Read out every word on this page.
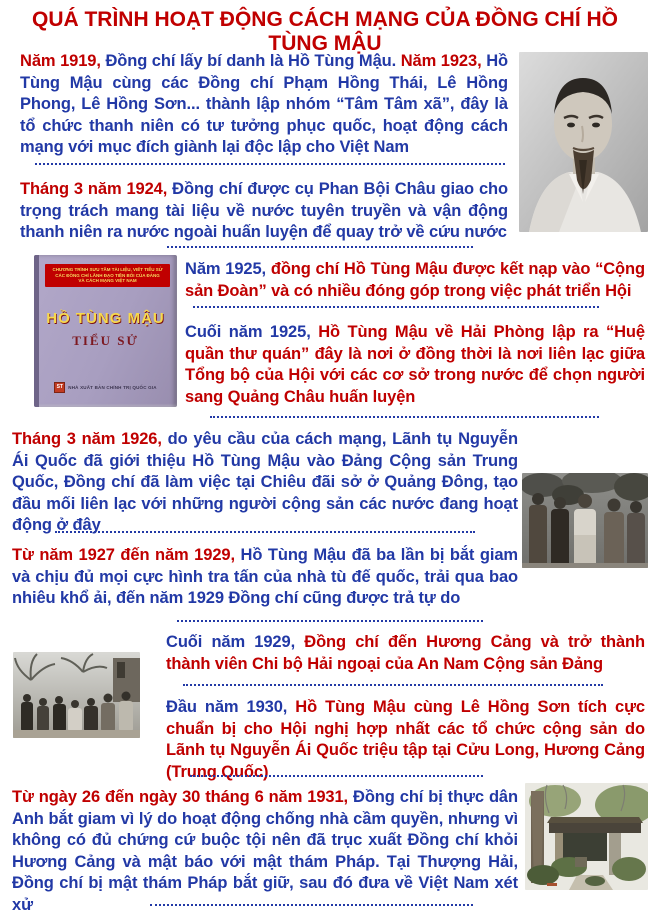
QUÁ TRÌNH HOẠT ĐỘNG CÁCH MẠNG CỦA ĐỒNG CHÍ HỒ TÙNG MẬU

Năm 1919, Đồng chí lấy bí danh là Hồ Tùng Mậu. Năm 1923, Hồ Tùng Mậu cùng các Đồng chí Phạm Hồng Thái, Lê Hồng Phong, Lê Hồng Sơn... thành lập nhóm “Tâm Tâm xã”, đây là tổ chức thanh niên có tư tưởng phục quốc, hoạt động cách mạng với mục đích giành lại độc lập cho Việt Nam

Tháng 3 năm 1924, Đồng chí được cụ Phan Bội Châu giao cho trọng trách mang tài liệu về nước tuyên truyền và vận động thanh niên ra nước ngoài huấn luyện để quay trở về cứu nước

Năm 1925, đồng chí Hồ Tùng Mậu được kết nạp vào “Cộng sản Đoàn” và có nhiều đóng góp trong việc phát triển Hội

Cuối năm 1925, Hồ Tùng Mậu về Hải Phòng lập ra “Huệ quần thư quán” đây là nơi ở đồng thời là nơi liên lạc giữa Tổng bộ của Hội với các cơ sở trong nước để chọn người sang Quảng Châu huấn luyện

Tháng 3 năm 1926, do yêu cầu của cách mạng, Lãnh tụ Nguyễn Ái Quốc đã giới thiệu Hồ Tùng Mậu vào Đảng Cộng sản Trung Quốc, Đồng chí đã làm việc tại Chiêu đãi sở ở Quảng Đông, tạo đầu mối liên lạc với những người cộng sản các nước đang hoạt động ở đây

Từ năm 1927 đến năm 1929, Hồ Tùng Mậu đã ba lần bị bắt giam và chịu đủ mọi cực hình tra tấn của nhà tù đế quốc, trải qua bao nhiêu khổ ải, đến năm 1929 Đồng chí cũng được trả tự do

Cuối năm 1929, Đồng chí đến Hương Cảng và trở thành thành viên Chi bộ Hải ngoại của An Nam Cộng sản Đảng

Đầu năm 1930, Hồ Tùng Mậu cùng Lê Hồng Sơn tích cực chuẩn bị cho Hội nghị hợp nhất các tổ chức cộng sản do Lãnh tụ Nguyễn Ái Quốc triệu tập tại Cửu Long, Hương Cảng (Trung Quốc)

Từ ngày 26 đến ngày 30 tháng 6 năm 1931, Đồng chí bị thực dân Anh bắt giam vì lý do hoạt động chống nhà cầm quyền, nhưng vì không có đủ chứng cứ buộc tội nên đã trục xuất Đồng chí khỏi Hương Cảng và mật báo với mật thám Pháp. Tại Thượng Hải, Đồng chí bị mật thám Pháp bắt giữ, sau đó đưa về Việt Nam xét xử

CHƯƠNG TRÌNH SƯU TẦM TÀI LIỆU, VIẾT TIỂU SỬ
CÁC ĐỒNG CHÍ LÃNH ĐẠO TIỀN BỐI CỦA ĐẢNG
VÀ CÁCH MẠNG VIỆT NAM
HỒ TÙNG MẬU
TIỂU SỬ
ST	NHÀ XUẤT BẢN CHÍNH TRỊ QUỐC GIA
